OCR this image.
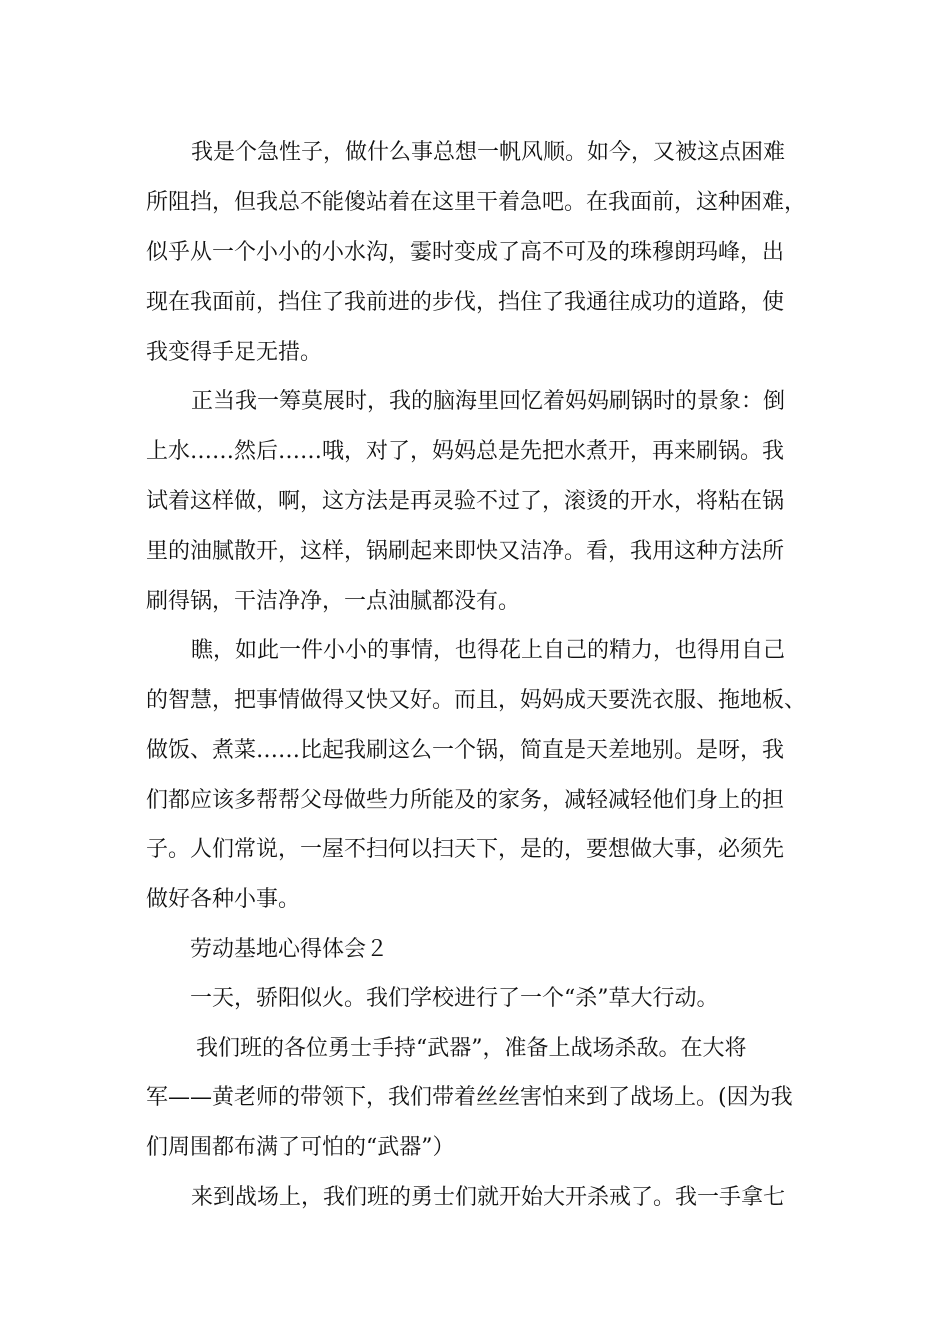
我是个急性子，做什么事总想一帆风顺。如今，又被这点困难
所阻挡，但我总不能傻站着在这里干着急吧。在我面前，这种困难，
似乎从一个小小的小水沟，霎时变成了高不可及的珠穆朗玛峰，出
现在我面前，挡住了我前进的步伐，挡住了我通往成功的道路，使
我变得手足无措。
正当我一筹莫展时，我的脑海里回忆着妈妈刷锅时的景象：倒
上水……然后……哦，对了，妈妈总是先把水煮开，再来刷锅。我
试着这样做，啊，这方法是再灵验不过了，滚烫的开水，将粘在锅
里的油腻散开，这样，锅刷起来即快又洁净。看，我用这种方法所
刷得锅，干洁净净，一点油腻都没有。
瞧，如此一件小小的事情，也得花上自己的精力，也得用自己
的智慧，把事情做得又快又好。而且，妈妈成天要洗衣服、拖地板、
做饭、煮菜……比起我刷这么一个锅，简直是天差地别。是呀，我
们都应该多帮帮父母做些力所能及的家务，减轻减轻他们身上的担
子。人们常说，一屋不扫何以扫天下，是的，要想做大事，必须先
做好各种小事。
劳动基地心得体会２
一天，骄阳似火。我们学校进行了一个“杀”草大行动。
我们班的各位勇士手持“武器”，准备上战场杀敌。在大将
军——黄老师的带领下，我们带着丝丝害怕来到了战场上。(因为我
们周围都布满了可怕的“武器”）
来到战场上，我们班的勇士们就开始大开杀戒了。我一手拿七
